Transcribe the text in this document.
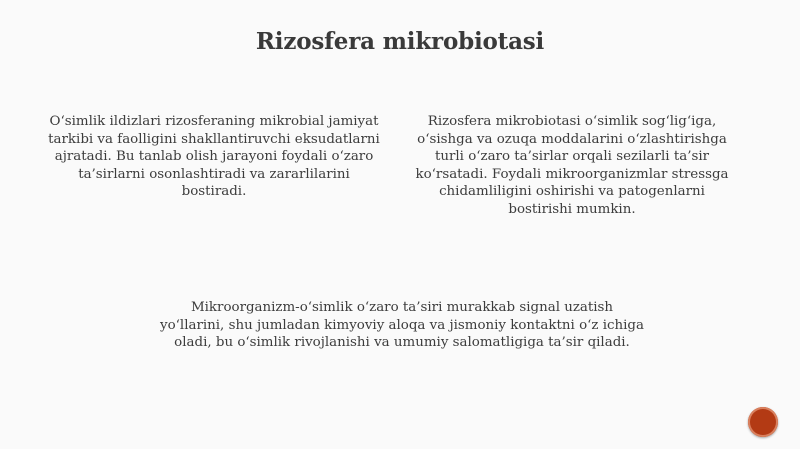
Rizosfera mikrobiotasi

O‘simlik ildizlari rizosferaning mikrobial jamiyat tarkibi va faolligini shakllantiruvchi eksudatlarni ajratadi. Bu tanlab olish jarayoni foydali o‘zaro ta’sirlarni osonlashtiradi va zararlilarini bostiradi.

Rizosfera mikrobiotasi o‘simlik sog‘lig‘iga, o‘sishga va ozuqa moddalarini o‘zlashtirishga turli o‘zaro ta’sirlar orqali sezilarli ta’sir ko‘rsatadi. Foydali mikroorganizmlar stressga chidamliligini oshirishi va patogenlarni bostirishi mumkin.

Mikroorganizm-o‘simlik o‘zaro ta’siri murakkab signal uzatish yo‘llarini, shu jumladan kimyoviy aloqa va jismoniy kontaktni o‘z ichiga oladi, bu o‘simlik rivojlanishi va umumiy salomatligiga ta’sir qiladi.
